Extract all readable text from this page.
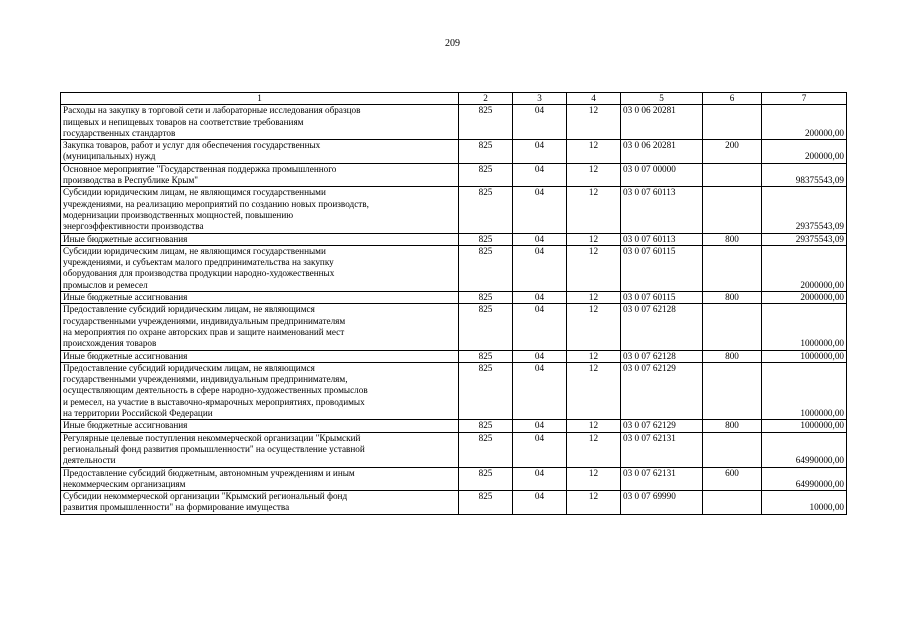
209
1	2	3	4	5	6	7

Расходы на закупку в торговой сети и лабораторные исследования образцов
пищевых и непищевых товаров на соответствие требованиям
государственных стандартов	825	04	12	03 0 06 20281		200000,00

Закупка товаров, работ и услуг для обеспечения государственных
(муниципальных) нужд	825	04	12	03 0 06 20281	200	200000,00

Основное мероприятие "Государственная поддержка промышленного
производства в Республике Крым"	825	04	12	03 0 07 00000		98375543,09

Субсидии юридическим лицам, не являющимся государственными
учреждениями, на реализацию мероприятий по созданию новых производств,
модернизации производственных мощностей, повышению
энергоэффективности производства	825	04	12	03 0 07 60113		29375543,09

Иные бюджетные ассигнования	825	04	12	03 0 07 60113	800	29375543,09

Субсидии юридическим лицам, не являющимся государственными
учреждениями, и субъектам малого предпринимательства на закупку
оборудования для производства продукции народно-художественных
промыслов и ремесел	825	04	12	03 0 07 60115		2000000,00

Иные бюджетные ассигнования	825	04	12	03 0 07 60115	800	2000000,00

Предоставление субсидий юридическим лицам, не являющимся
государственными учреждениями, индивидуальным предпринимателям
на мероприятия по охране авторских прав и защите наименований мест
происхождения товаров	825	04	12	03 0 07 62128		1000000,00

Иные бюджетные ассигнования	825	04	12	03 0 07 62128	800	1000000,00

Предоставление субсидий юридическим лицам, не являющимся
государственными учреждениями, индивидуальным предпринимателям,
осуществляющим деятельность в сфере народно-художественных промыслов
и ремесел, на участие в выставочно-ярмарочных мероприятиях, проводимых
на территории Российской Федерации	825	04	12	03 0 07 62129		1000000,00

Иные бюджетные ассигнования	825	04	12	03 0 07 62129	800	1000000,00

Регулярные целевые поступления некоммерческой организации "Крымский
региональный фонд развития промышленности" на осуществление уставной
деятельности	825	04	12	03 0 07 62131		64990000,00

Предоставление субсидий бюджетным, автономным учреждениям и иным
некоммерческим организациям	825	04	12	03 0 07 62131	600	64990000,00

Субсидии некоммерческой организации "Крымский региональный фонд
развития промышленности" на формирование имущества	825	04	12	03 0 07 69990		10000,00
